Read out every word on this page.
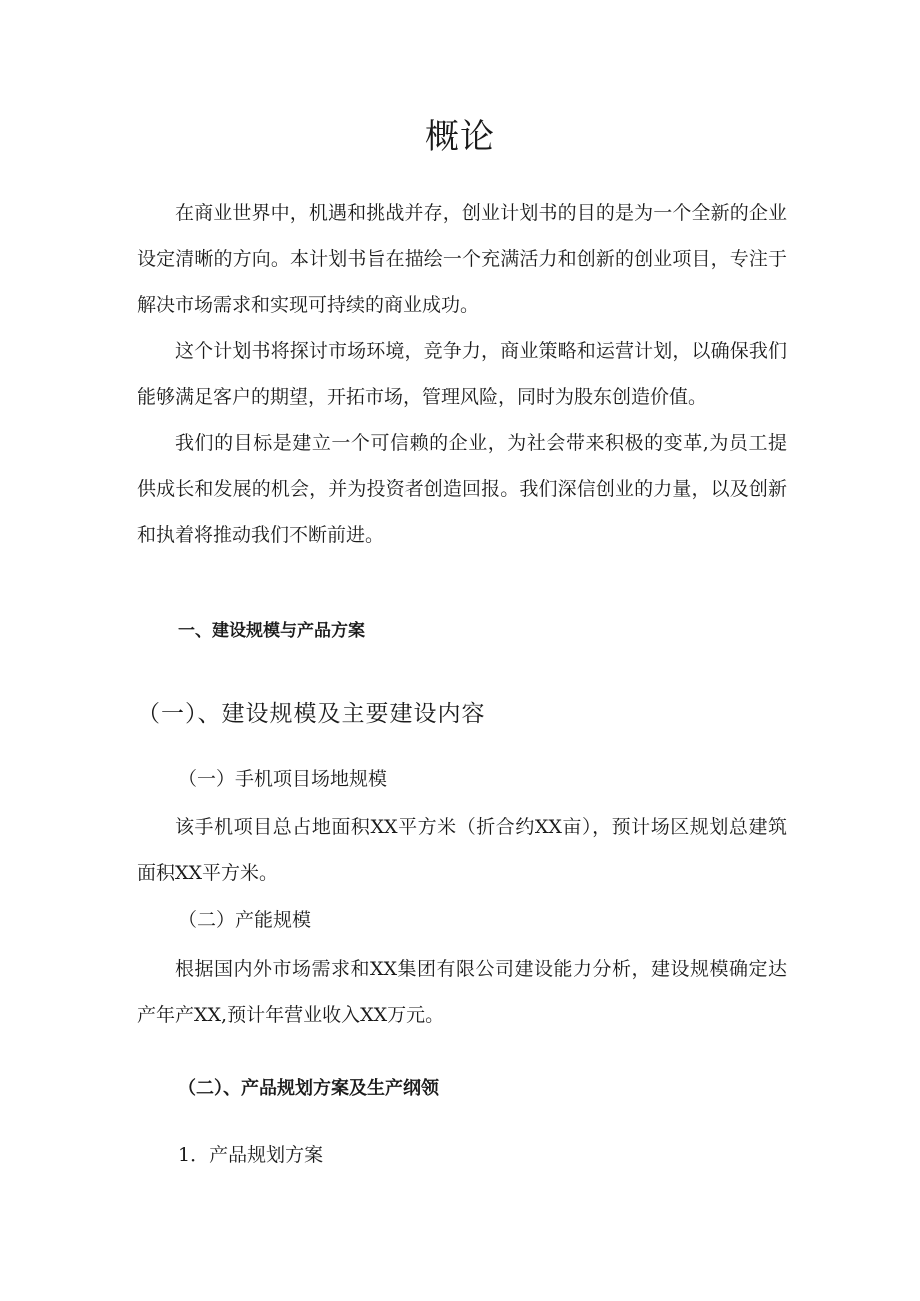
概论

在商业世界中，机遇和挑战并存，创业计划书的目的是为一个全新的企业设定清晰的方向。本计划书旨在描绘一个充满活力和创新的创业项目，专注于解决市场需求和实现可持续的商业成功。

这个计划书将探讨市场环境，竞争力，商业策略和运营计划，以确保我们能够满足客户的期望，开拓市场，管理风险，同时为股东创造价值。

我们的目标是建立一个可信赖的企业，为社会带来积极的变革,为员工提供成长和发展的机会，并为投资者创造回报。我们深信创业的力量，以及创新和执着将推动我们不断前进。

一、建设规模与产品方案
（一）、建设规模及主要建设内容
（一）手机项目场地规模

该手机项目总占地面积XX平方米（折合约XX亩），预计场区规划总建筑面积XX平方米。

（二）产能规模

根据国内外市场需求和XX集团有限公司建设能力分析，建设规模确定达产年产XX,预计年营业收入XX万元。

（二）、产品规划方案及生产纲领
1．产品规划方案
